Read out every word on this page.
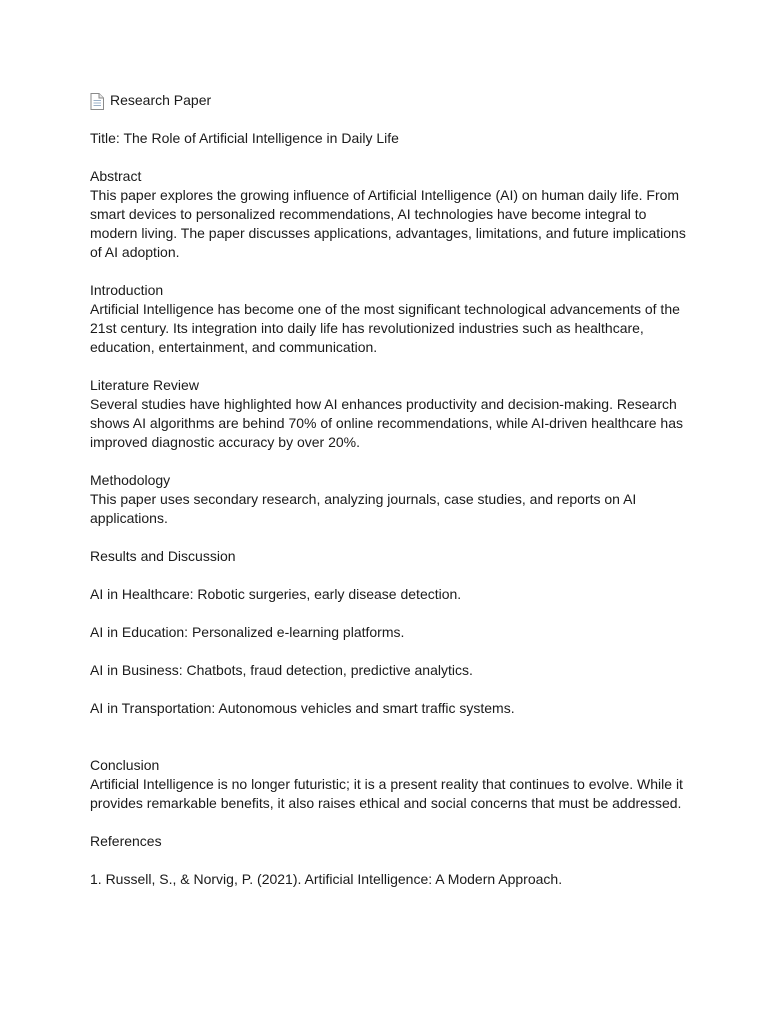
Research Paper

Title: The Role of Artificial Intelligence in Daily Life

Abstract

This paper explores the growing influence of Artificial Intelligence (AI) on human daily life. From smart devices to personalized recommendations, AI technologies have become integral to modern living. The paper discusses applications, advantages, limitations, and future implications of AI adoption.

Introduction

Artificial Intelligence has become one of the most significant technological advancements of the 21st century. Its integration into daily life has revolutionized industries such as healthcare, education, entertainment, and communication.

Literature Review

Several studies have highlighted how AI enhances productivity and decision-making. Research shows AI algorithms are behind 70% of online recommendations, while AI-driven healthcare has improved diagnostic accuracy by over 20%.

Methodology

This paper uses secondary research, analyzing journals, case studies, and reports on AI applications.

Results and Discussion

AI in Healthcare: Robotic surgeries, early disease detection.

AI in Education: Personalized e-learning platforms.

AI in Business: Chatbots, fraud detection, predictive analytics.

AI in Transportation: Autonomous vehicles and smart traffic systems.

Conclusion

Artificial Intelligence is no longer futuristic; it is a present reality that continues to evolve. While it provides remarkable benefits, it also raises ethical and social concerns that must be addressed.

References

1. Russell, S., & Norvig, P. (2021). Artificial Intelligence: A Modern Approach.
